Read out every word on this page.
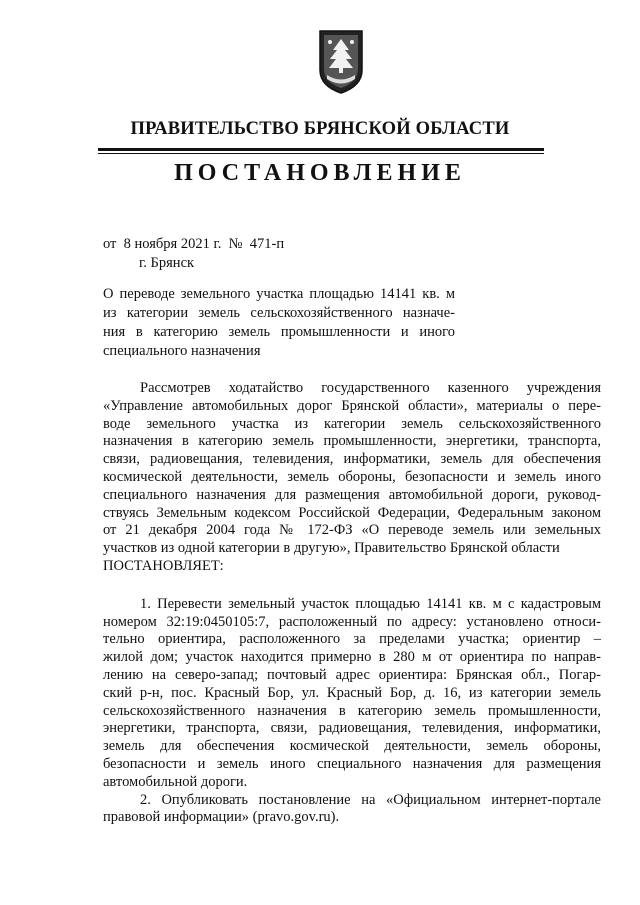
ПРАВИТЕЛЬСТВО БРЯНСКОЙ ОБЛАСТИ
ПОСТАНОВЛЕНИЕ
от  8 ноября 2021 г.  №  471-п
г. Брянск
О переводе земельного участка площадью 14141 кв. м
из категории земель сельскохозяйственного назначе-
ния в категорию земель промышленности и иного
специального назначения
Рассмотрев ходатайство государственного казенного учреждения
«Управление автомобильных дорог Брянской области», материалы о пере-
воде земельного участка из категории земель сельскохозяйственного
назначения в категорию земель промышленности, энергетики, транспорта,
связи, радиовещания, телевидения, информатики, земель для обеспечения
космической деятельности, земель обороны, безопасности и земель иного
специального назначения для размещения автомобильной дороги, руковод-
ствуясь Земельным кодексом Российской Федерации, Федеральным законом
от 21 декабря 2004 года № 172-ФЗ «О переводе земель или земельных
участков из одной категории в другую», Правительство Брянской области
ПОСТАНОВЛЯЕТ:
1. Перевести земельный участок площадью 14141 кв. м с кадастровым
номером 32:19:0450105:7, расположенный по адресу: установлено относи-
тельно ориентира, расположенного за пределами участка; ориентир –
жилой дом; участок находится примерно в 280 м от ориентира по направ-
лению на северо-запад; почтовый адрес ориентира: Брянская обл., Погар-
ский р-н, пос. Красный Бор, ул. Красный Бор, д. 16, из категории земель
сельскохозяйственного назначения в категорию земель промышленности,
энергетики, транспорта, связи, радиовещания, телевидения, информатики,
земель для обеспечения космической деятельности, земель обороны,
безопасности и земель иного специального назначения для размещения
автомобильной дороги.
2. Опубликовать постановление на «Официальном интернет-портале
правовой информации» (pravo.gov.ru).
